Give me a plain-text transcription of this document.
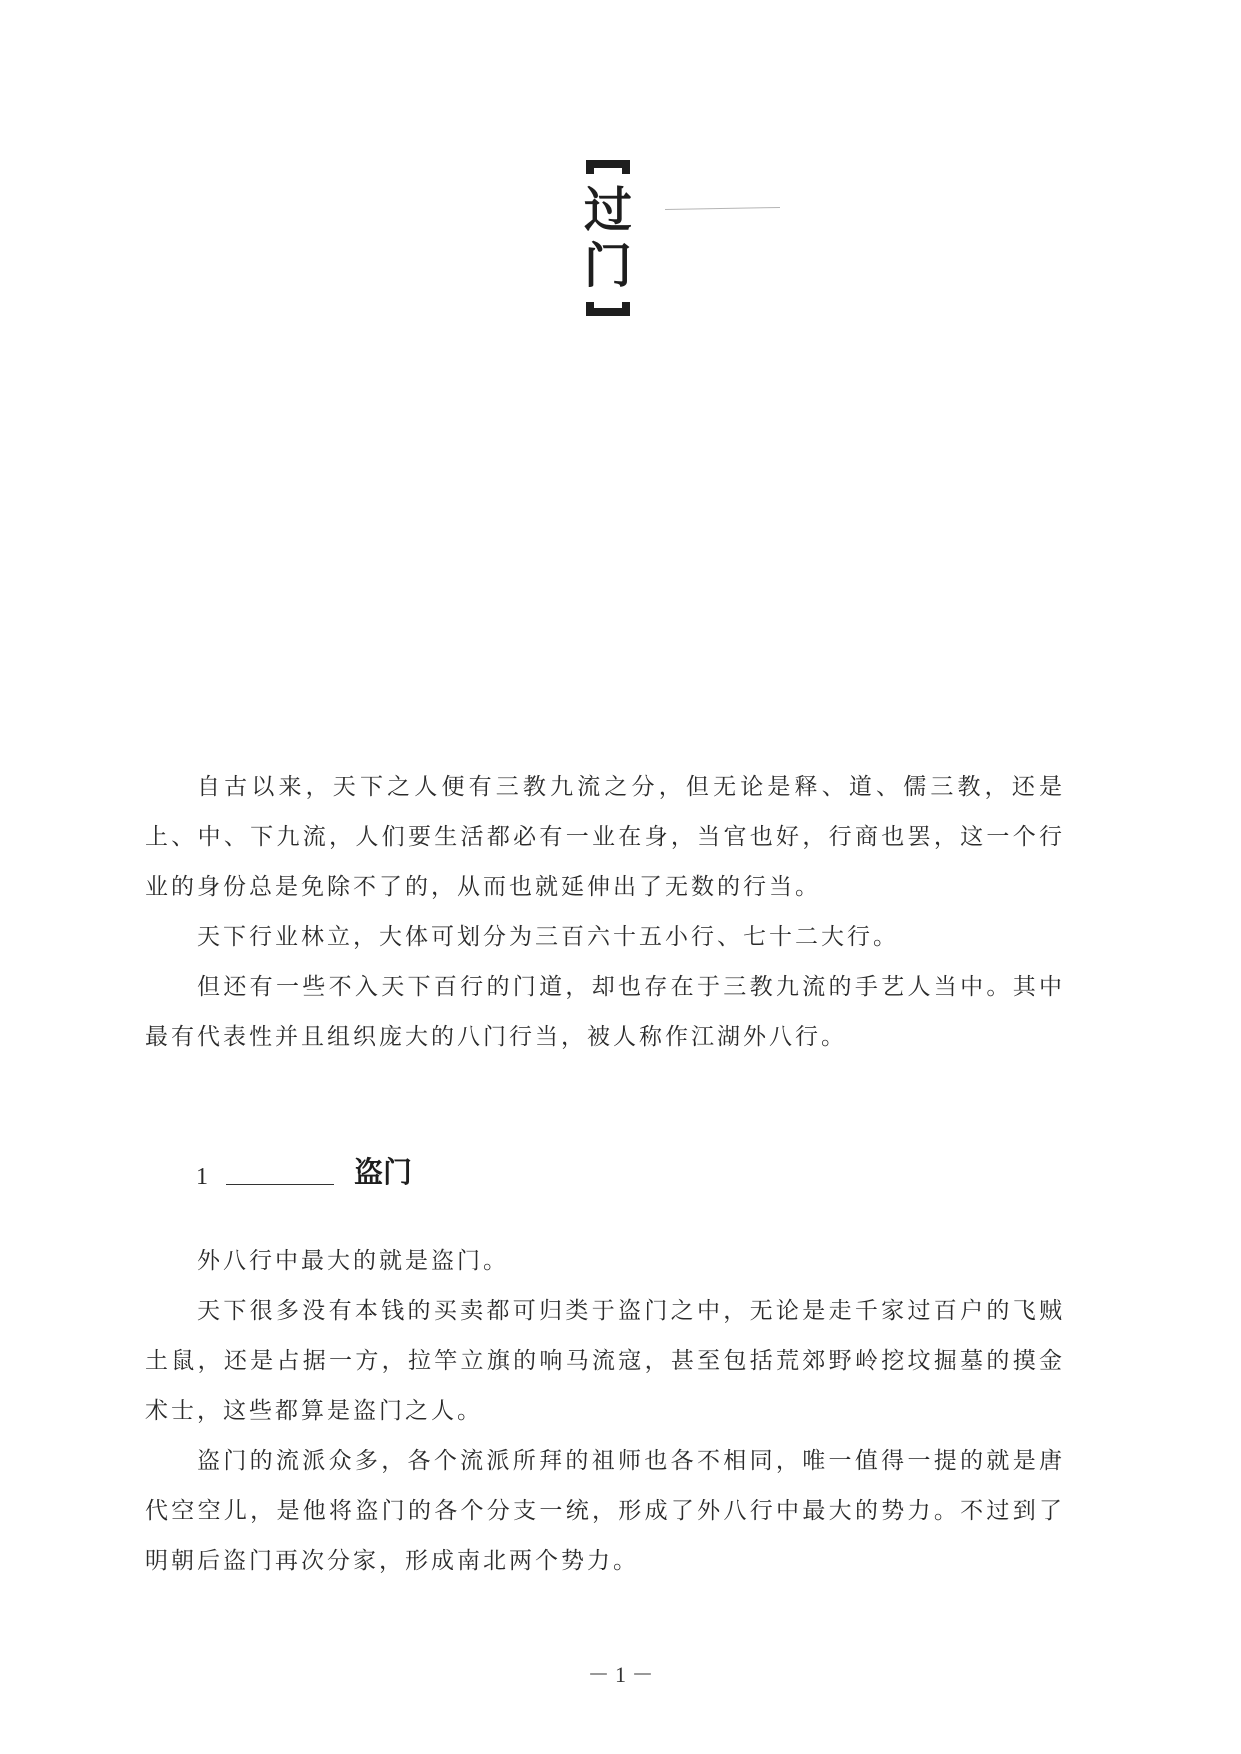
过
门

自古以来，天下之人便有三教九流之分，但无论是释、道、儒三教，还是上、中、下九流，人们要生活都必有一业在身，当官也好，行商也罢，这一个行业的身份总是免除不了的，从而也就延伸出了无数的行当。

天下行业林立，大体可划分为三百六十五小行、七十二大行。

但还有一些不入天下百行的门道，却也存在于三教九流的手艺人当中。其中最有代表性并且组织庞大的八门行当，被人称作江湖外八行。

1	盗门

外八行中最大的就是盗门。

天下很多没有本钱的买卖都可归类于盗门之中，无论是走千家过百户的飞贼土鼠，还是占据一方，拉竿立旗的响马流寇，甚至包括荒郊野岭挖坟掘墓的摸金术士，这些都算是盗门之人。

盗门的流派众多，各个流派所拜的祖师也各不相同，唯一值得一提的就是唐代空空儿，是他将盗门的各个分支一统，形成了外八行中最大的势力。不过到了明朝后盗门再次分家，形成南北两个势力。

－ 1 －
